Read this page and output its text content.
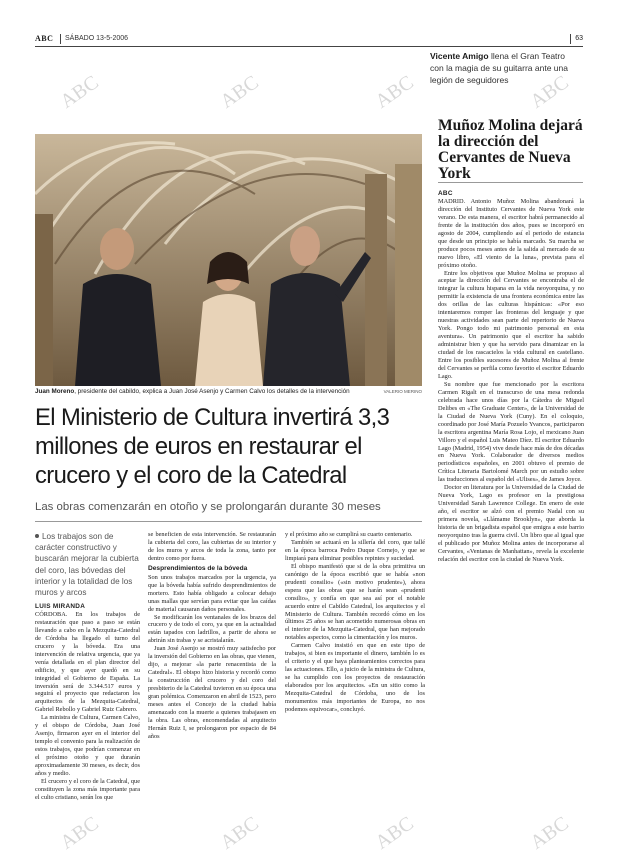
ABC SÁBADO 13-5-2006	63
Vicente Amigo llena el Gran Teatro con la magia de su guitarra ante una legión de seguidores
Juan Moreno, presidente del cabildo, explica a Juan José Asenjo y Carmen Calvo los detalles de la intervención	VALERIO MERINO
El Ministerio de Cultura invertirá 3,3 millones de euros en restaurar el crucero y el coro de la Catedral
Las obras comenzarán en otoño y se prolongarán durante 30 meses
Los trabajos son de carácter constructivo y buscarán mejorar la cubierta del coro, las bóvedas del interior y la totalidad de los muros y arcos
LUIS MIRANDA

CÓRDOBA. En los trabajos de restauración que paso a paso se están llevando a cabo en la Mezquita-Catedral de Córdoba ha llegado el turno del crucero y la bóveda. Era una intervención de relativa urgencia, que ya venía detallada en el plan director del edificio, y que ayer quedó en su integridad el Gobierno de España. La inversión será de 3.344.517 euros y seguirá el proyecto que redactaron los arquitectos de la Mezquita-Catedral, Gabriel Rebollo y Gabriel Ruiz Cabrero.

La ministra de Cultura, Carmen Calvo, y el obispo de Córdoba, Juan José Asenjo, firmaron ayer en el interior del templo el convenio para la realización de estos trabajos, que podrían comenzar en el próximo otoño y que durarán aproximadamente 30 meses, es decir, dos años y medio.

El crucero y el coro de la Catedral, que constituyen la zona más importante para el culto cristiano, serán los que

se beneficien de esta intervención. Se restaurarán la cubierta del coro, las cubiertas de su interior y de los muros y arcos de toda la zona, tanto por dentro como por fuera.

Desprendimientos de la bóveda

Son unos trabajos marcados por la urgencia, ya que la bóveda había sufrido desprendimientos de mortero. Esto había obligado a colocar debajo unas mallas que servían para evitar que las caídas de material causaran daños personales.

Se modificarán los ventanales de los brazos del crucero y de todo el coro, ya que en la actualidad están tapados con ladrillos, a partir de ahora se abrirán sin trabas y se acristalarán.

Juan José Asenjo se mostró muy satisfecho por la inversión del Gobierno en las obras, que vienen, dijo, a mejorar «la parte renacentista de la Catedral». El obispo hizo historia y recordó como la construcción del crucero y del coro del presbiterio de la Catedral tuvieron en su época una gran polémica. Comenzaron en abril de 1523, pero meses antes el Concejo de la ciudad había amenazado con la muerte a quienes trabajasen en la obra. Las obras, encomendadas al arquitecto Hernán Ruiz I, se prolongaron por espacio de 84 años

y el próximo año se cumplirá su cuarto centenario.

También se actuará en la sillería del coro, que tallé en la época barroca Pedro Duque Cornejo, y que se limpiará para eliminar posibles repintes y suciedad.

El obispo manifestó que si de la obra primitiva un canónigo de la época escribió que se había «non prudenti consilio» («sin motivo prudente»), ahora espera que las obras que se harán sean «prudenti consilio», y confía en que sea así por el notable acuerdo entre el Cabildo Catedral, los arquitectos y el Ministerio de Cultura. También recordó cómo en los últimos 25 años se han acometido numerosas obras en el interior de la Mezquita-Catedral, que han mejorado notables aspectos, como la cimentación y los muros.

Carmen Calvo insistió en que en este tipo de trabajos, si bien es importante el dinero, también lo es el criterio y el que haya planteamientos correctos para las actuaciones. Ello, a juicio de la ministra de Cultura, se ha cumplido con los proyectos de restauración elaborados por los arquitectos. «En un sitio como la Mezquita-Catedral de Córdoba, uno de los monumentos más importantes de Europa, no nos podemos equivocar», concluyó.

Muñoz Molina dejará la dirección del Cervantes de Nueva York
ABC

MADRID. Antonio Muñoz Molina abandonará la dirección del Instituto Cervantes de Nueva York este verano. De esta manera, el escritor habrá permanecido al frente de la institución dos años, pues se incorporó en agosto de 2004, cumpliendo así el periodo de estancia que desde un principio se había marcado. Su marcha se produce pocos meses antes de la salida al mercado de su nuevo libro, «El viento de la luna», prevista para el próximo otoño.

Entre los objetivos que Muñoz Molina se propuso al aceptar la dirección del Cervantes se encontraba el de integrar la cultura hispana en la vida neoyorquina, y no permitir la existencia de una frontera económica entre las dos orillas de las culturas hispánicas: «Por eso intentaremos romper las fronteras del lenguaje y que nuestras actividades sean parte del repertorio de Nueva York. Pongo todo mi patrimonio personal en esta aventura». Un patrimonio que el escritor ha sabido administrar bien y que ha servido para dinamizar en la ciudad de los rascacielos la vida cultural en castellano. Entre los posibles sucesores de Muñoz Molina al frente del Cervantes se perfila como favorito el escritor Eduardo Lago.

Su nombre que fue mencionado por la escritora Carmen Rigalt en el transcurso de una mesa redonda celebrada hace unos días por la Cátedra de Miguel Delibes en «The Graduate Center», de la Universidad de la Ciudad de Nueva York (Cuny). En el coloquio, coordinado por José María Pozuelo Yvancos, participaron la escritora argentina María Rosa Lojo, el mexicano Juan Villoro y el español Luis Mateo Díez. El escritor Eduardo Lago (Madrid, 1954) vive desde hace más de dos décadas en Nueva York. Colaborador de diversos medios periodísticos españoles, en 2001 obtuvo el premio de Crítica Literaria Bartolomé March por un estudio sobre las traducciones al español del «Ulises», de James Joyce.

Doctor en literatura por la Universidad de la Ciudad de Nueva York, Lago es profesor en la prestigiosa Universidad Sarah Lawrence College. En enero de este año, el escritor se alzó con el premio Nadal con su primera novela, «Llámame Brooklyn», que aborda la historia de un brigadista español que emigra a este barrio neoyorquino tras la guerra civil. Un libro que al igual que el publicado por Muñoz Molina antes de incorporarse al Cervantes, «Ventanas de Manhattan», revela la excelente relación del escritor con la ciudad de Nueva York.

ABC	ABC	ABC	ABC
ABC	ABC	ABC	ABC
